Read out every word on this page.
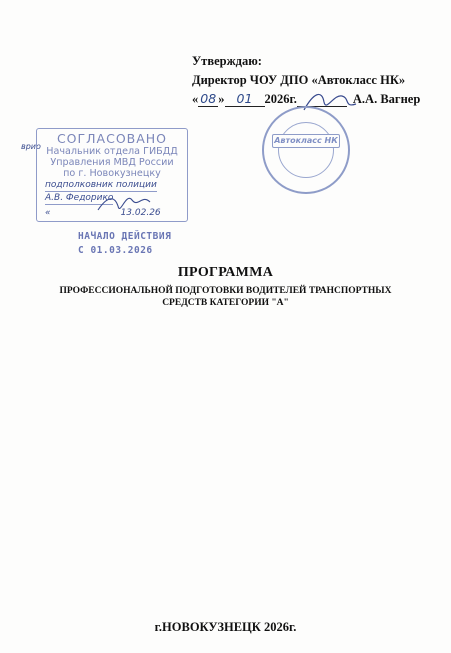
Утверждаю:
Директор ЧОУ ДПО «Автокласс НК»
« 08 » 01 2026г.	А.А. Вагнер
Автокласс НК
врио
СОГЛАСОВАНО
Начальник отдела ГИБДД
Управления МВД России
по г. Новокузнецку
подполковник полиции
А.В. Федорико
«	13.02.26
НАЧАЛО ДЕЙСТВИЯ
С 01.03.2026
ПРОГРАММА
ПРОФЕССИОНАЛЬНОЙ ПОДГОТОВКИ ВОДИТЕЛЕЙ ТРАНСПОРТНЫХ СРЕДСТВ КАТЕГОРИИ "А"
г.НОВОКУЗНЕЦК 2026г.
